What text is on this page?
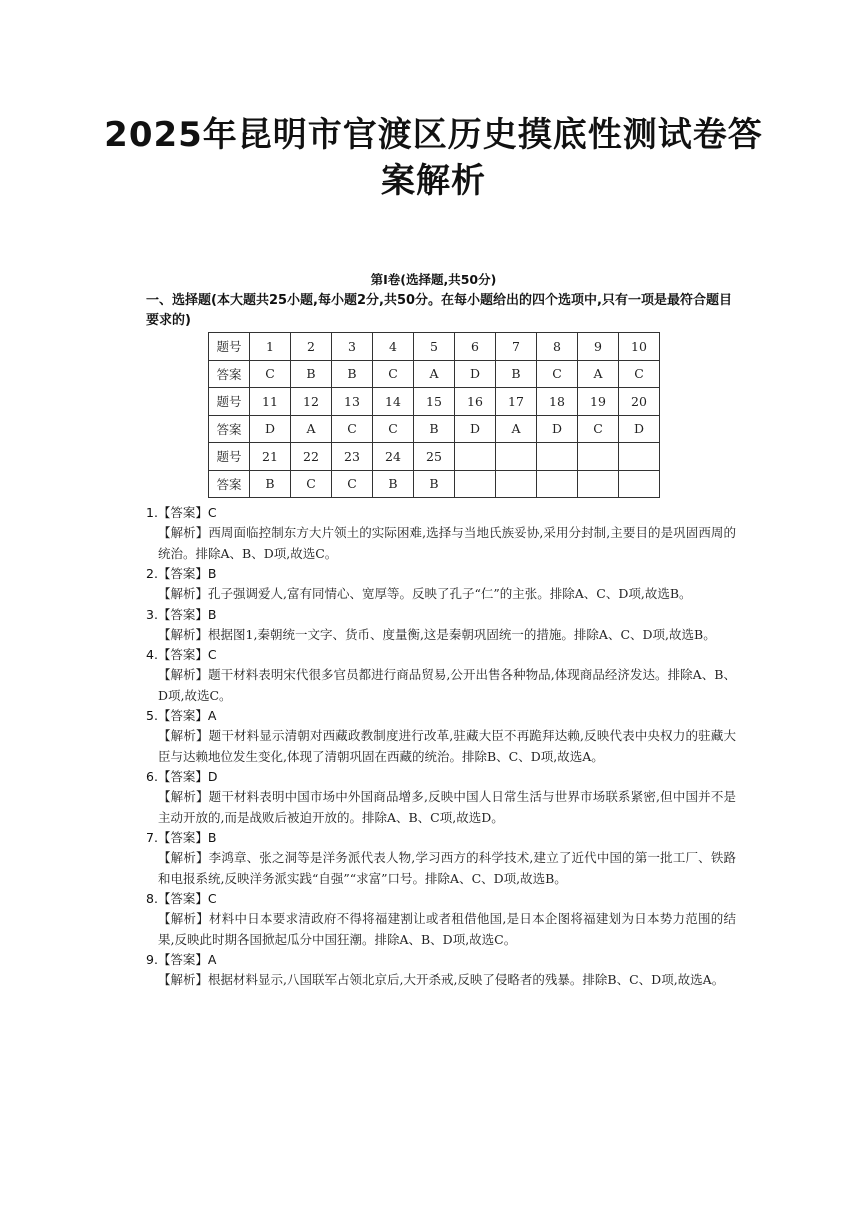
2025年昆明市官渡区历史摸底性测试卷答
案解析
第Ⅰ卷(选择题,共50分)
一、选择题(本大题共25小题,每小题2分,共50分。在每小题给出的四个选项中,只有一项是最符合题目要求的)
题号	1	2	3	4	5	6	7	8	9	10
答案	C	B	B	C	A	D	B	C	A	C
题号	11	12	13	14	15	16	17	18	19	20
答案	D	A	C	C	B	D	A	D	C	D
题号	21	22	23	24	25					
答案	B	C	C	B	B					
1.【答案】C
【解析】西周面临控制东方大片领土的实际困难,选择与当地氏族妥协,采用分封制,主要目的是巩固西周的统治。排除A、B、D项,故选C。
2.【答案】B
【解析】孔子强调爱人,富有同情心、宽厚等。反映了孔子“仁”的主张。排除A、C、D项,故选B。
3.【答案】B
【解析】根据图1,秦朝统一文字、货币、度量衡,这是秦朝巩固统一的措施。排除A、C、D项,故选B。
4.【答案】C
【解析】题干材料表明宋代很多官员都进行商品贸易,公开出售各种物品,体现商品经济发达。排除A、B、D项,故选C。
5.【答案】A
【解析】题干材料显示清朝对西藏政教制度进行改革,驻藏大臣不再跪拜达赖,反映代表中央权力的驻藏大臣与达赖地位发生变化,体现了清朝巩固在西藏的统治。排除B、C、D项,故选A。
6.【答案】D
【解析】题干材料表明中国市场中外国商品增多,反映中国人日常生活与世界市场联系紧密,但中国并不是主动开放的,而是战败后被迫开放的。排除A、B、C项,故选D。
7.【答案】B
【解析】李鸿章、张之洞等是洋务派代表人物,学习西方的科学技术,建立了近代中国的第一批工厂、铁路和电报系统,反映洋务派实践“自强”“求富”口号。排除A、C、D项,故选B。
8.【答案】C
【解析】材料中日本要求清政府不得将福建割让或者租借他国,是日本企图将福建划为日本势力范围的结果,反映此时期各国掀起瓜分中国狂潮。排除A、B、D项,故选C。
9.【答案】A
【解析】根据材料显示,八国联军占领北京后,大开杀戒,反映了侵略者的残暴。排除B、C、D项,故选A。
